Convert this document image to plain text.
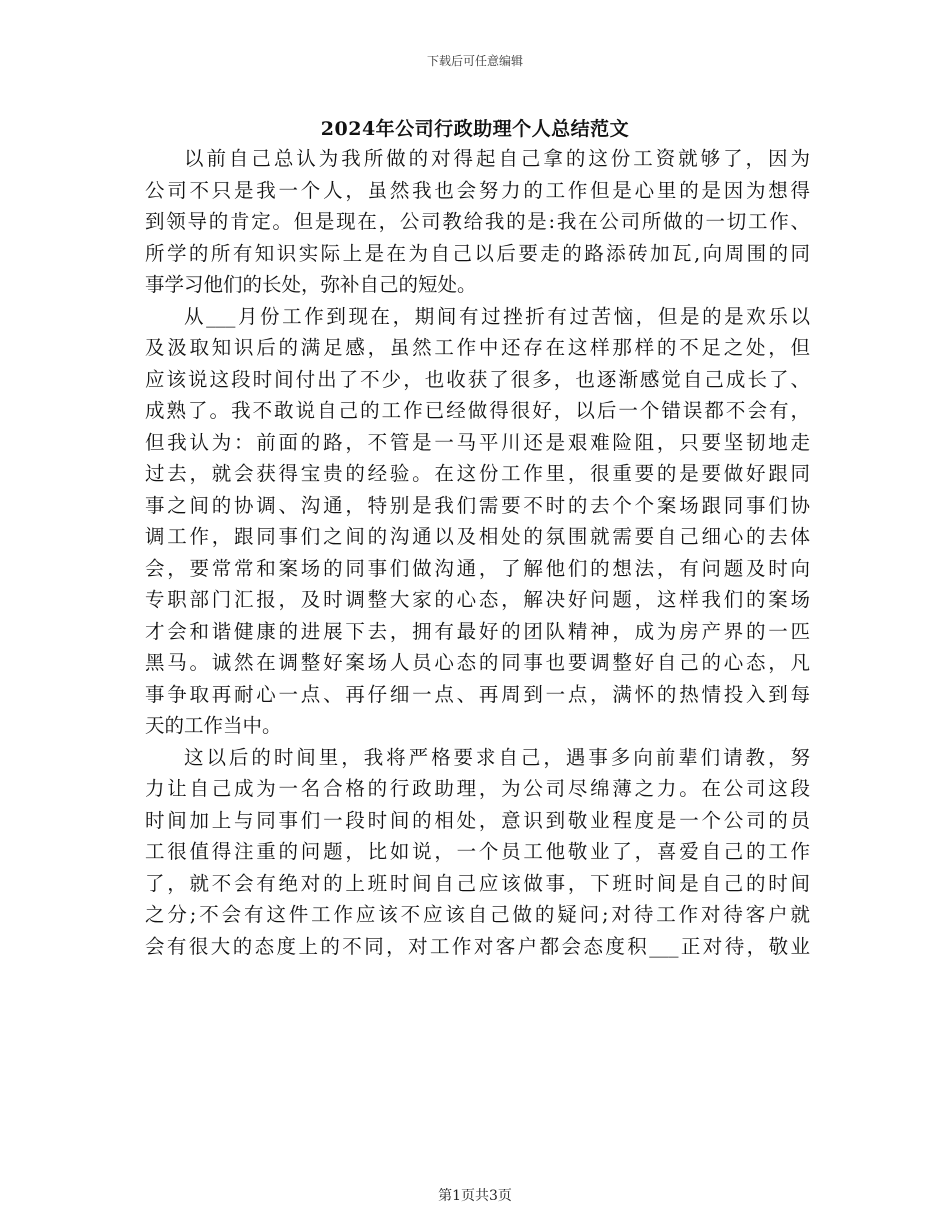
下载后可任意编辑
2024年公司行政助理个人总结范文
以前自己总认为我所做的对得起自己拿的这份工资就够了，因为
公司不只是我一个人，虽然我也会努力的工作但是心里的是因为想得
到领导的肯定。但是现在，公司教给我的是:我在公司所做的一切工作、
所学的所有知识实际上是在为自己以后要走的路添砖加瓦,向周围的同
事学习他们的长处，弥补自己的短处。
从___月份工作到现在，期间有过挫折有过苦恼，但是的是欢乐以
及汲取知识后的满足感，虽然工作中还存在这样那样的不足之处，但
应该说这段时间付出了不少，也收获了很多，也逐渐感觉自己成长了、
成熟了。我不敢说自己的工作已经做得很好，以后一个错误都不会有，
但我认为：前面的路，不管是一马平川还是艰难险阻，只要坚韧地走
过去，就会获得宝贵的经验。在这份工作里，很重要的是要做好跟同
事之间的协调、沟通，特别是我们需要不时的去个个案场跟同事们协
调工作，跟同事们之间的沟通以及相处的氛围就需要自己细心的去体
会，要常常和案场的同事们做沟通，了解他们的想法，有问题及时向
专职部门汇报，及时调整大家的心态，解决好问题，这样我们的案场
才会和谐健康的进展下去，拥有最好的团队精神，成为房产界的一匹
黑马。诚然在调整好案场人员心态的同事也要调整好自己的心态，凡
事争取再耐心一点、再仔细一点、再周到一点，满怀的热情投入到每
天的工作当中。
这以后的时间里，我将严格要求自己，遇事多向前辈们请教，努
力让自己成为一名合格的行政助理，为公司尽绵薄之力。在公司这段
时间加上与同事们一段时间的相处，意识到敬业程度是一个公司的员
工很值得注重的问题，比如说，一个员工他敬业了，喜爱自己的工作
了，就不会有绝对的上班时间自己应该做事，下班时间是自己的时间
之分;不会有这件工作应该不应该自己做的疑问;对待工作对待客户就
会有很大的态度上的不同，对工作对客户都会态度积___正对待，敬业
第1页共3页
